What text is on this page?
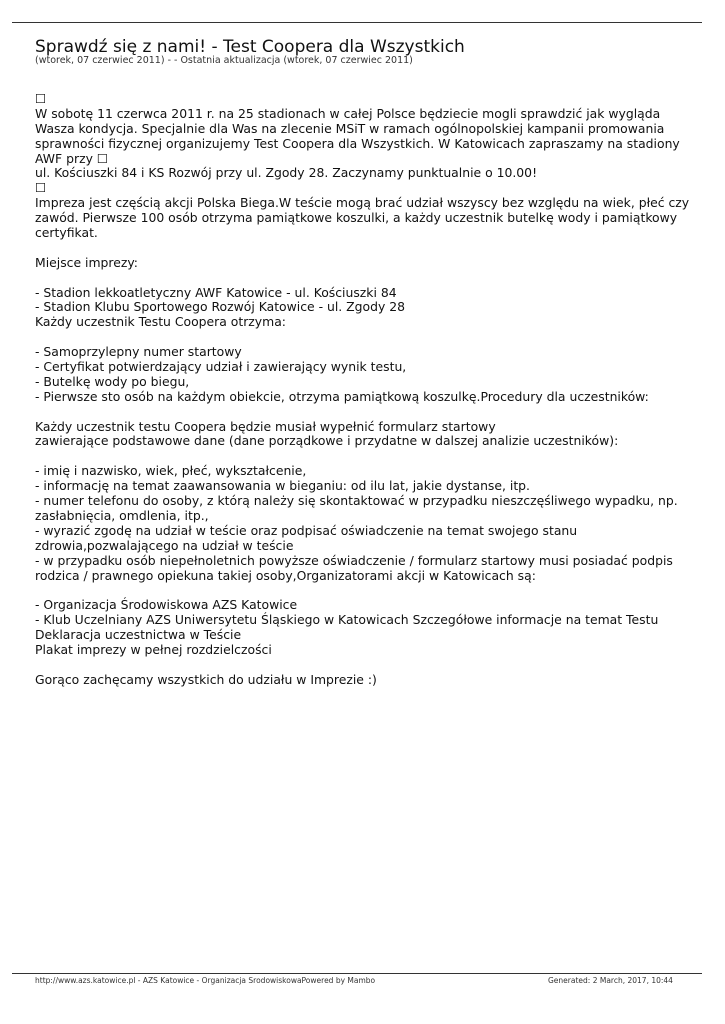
Sprawdź się z nami! - Test Coopera dla Wszystkich
(wtorek, 07 czerwiec 2011) - - Ostatnia aktualizacja (wtorek, 07 czerwiec 2011)
☐
W sobotę 11 czerwca 2011 r. na 25 stadionach w całej Polsce będziecie mogli sprawdzić jak wygląda
Wasza kondycja. Specjalnie dla Was na zlecenie MSiT w ramach ogólnopolskiej kampanii promowania
sprawności fizycznej organizujemy Test Coopera dla Wszystkich. W Katowicach zapraszamy na stadiony
AWF przy ☐
ul. Kościuszki 84 i KS Rozwój przy ul. Zgody 28. Zaczynamy punktualnie o 10.00!
☐
Impreza jest częścią akcji Polska Biega.W teście mogą brać udział wszyscy bez względu na wiek, płeć czy
zawód. Pierwsze 100 osób otrzyma pamiątkowe koszulki, a każdy uczestnik butelkę wody i pamiątkowy
certyfikat.
Miejsce imprezy:
- Stadion lekkoatletyczny AWF Katowice - ul. Kościuszki 84
- Stadion Klubu Sportowego Rozwój Katowice - ul. Zgody 28
Każdy uczestnik Testu Coopera otrzyma:
- Samoprzylepny numer startowy
- Certyfikat potwierdzający udział i zawierający wynik testu,
- Butelkę wody po biegu,
- Pierwsze sto osób na każdym obiekcie, otrzyma pamiątkową koszulkę.Procedury dla uczestników:
Każdy uczestnik testu Coopera będzie musiał wypełnić formularz startowy
zawierające podstawowe dane (dane porządkowe i przydatne w dalszej analizie uczestników):
- imię i nazwisko, wiek, płeć, wykształcenie,
- informację na temat zaawansowania w bieganiu: od ilu lat, jakie dystanse, itp.
- numer telefonu do osoby, z którą należy się skontaktować w przypadku nieszczęśliwego wypadku, np.
zasłabnięcia, omdlenia, itp.,
- wyrazić zgodę na udział w teście oraz podpisać oświadczenie na temat swojego stanu
zdrowia,pozwalającego na udział w teście
- w przypadku osób niepełnoletnich powyższe oświadczenie / formularz startowy musi posiadać podpis
rodzica / prawnego opiekuna takiej osoby,Organizatorami akcji w Katowicach są:
- Organizacja Środowiskowa AZS Katowice
- Klub Uczelniany AZS Uniwersytetu Śląskiego w Katowicach Szczegółowe informacje na temat Testu
Deklaracja uczestnictwa w Teście
Plakat imprezy w pełnej rozdzielczości
Gorąco zachęcamy wszystkich do udziału w Imprezie :)
http://www.azs.katowice.pl - AZS Katowice - Organizacja SrodowiskowaPowered by Mambo	Generated: 2 March, 2017, 10:44
